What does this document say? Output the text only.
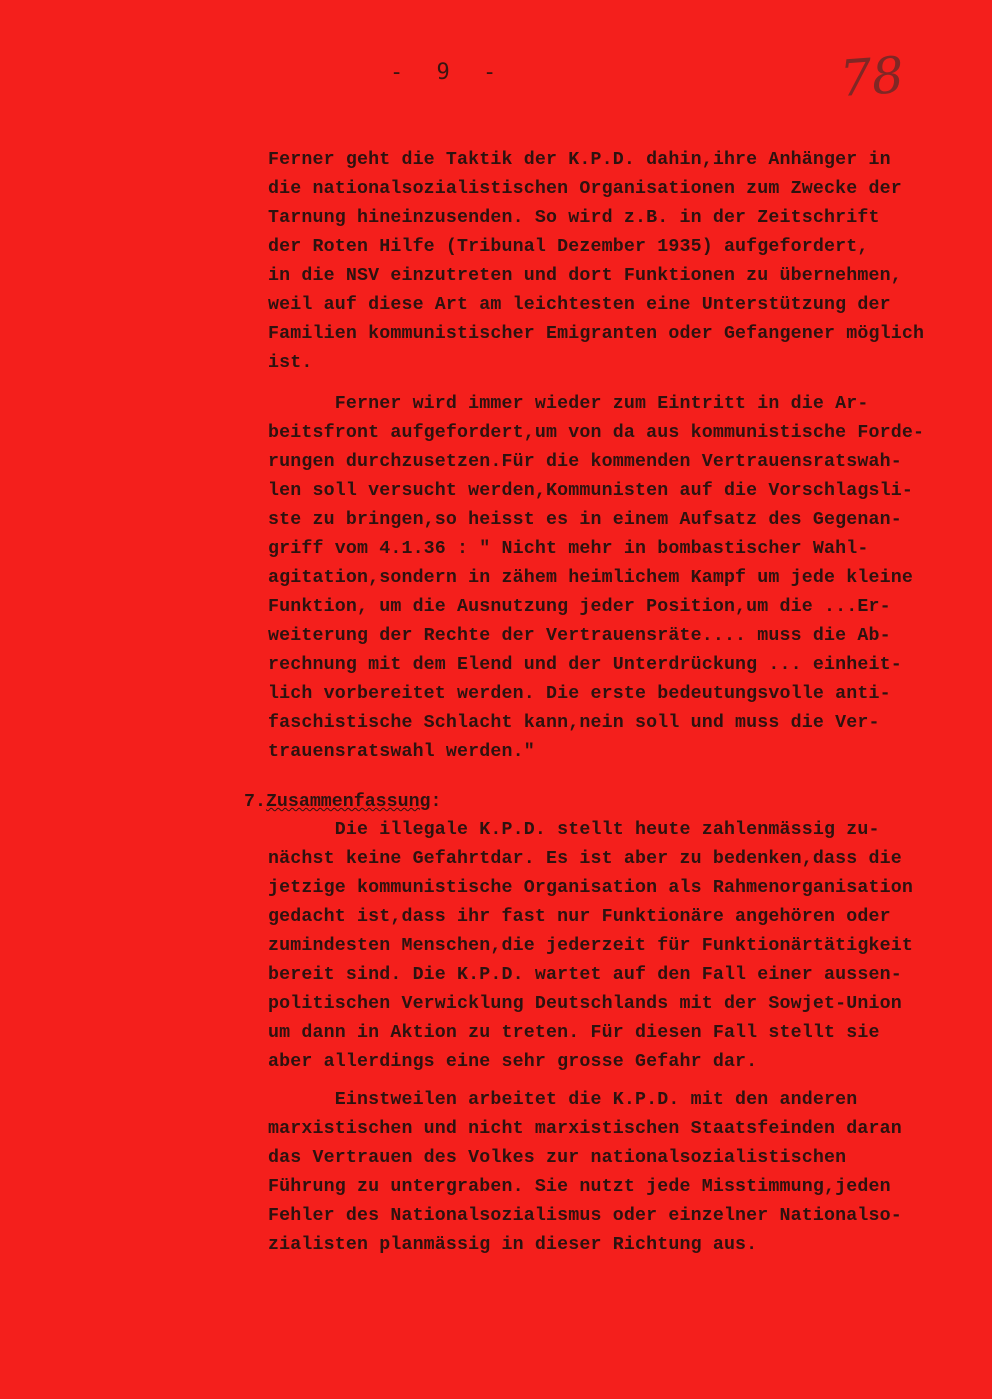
- 9 -	78
Ferner geht die Taktik der K.P.D. dahin,ihre Anhänger in
die nationalsozialistischen Organisationen zum Zwecke der
Tarnung hineinzusenden. So wird z.B. in der Zeitschrift
der Roten Hilfe (Tribunal Dezember 1935) aufgefordert,
in die NSV einzutreten und dort Funktionen zu übernehmen,
weil auf diese Art am leichtesten eine Unterstützung der
Familien kommunistischer Emigranten oder Gefangener möglich
ist.
Ferner wird immer wieder zum Eintritt in die Ar-
beitsfront aufgefordert,um von da aus kommunistische Forde-
rungen durchzusetzen.Für die kommenden Vertrauensratswah-
len soll versucht werden,Kommunisten auf die Vorschlagsli-
ste zu bringen,so heisst es in einem Aufsatz des Gegenan-
griff vom 4.1.36 : " Nicht mehr in bombastischer Wahl-
agitation,sondern in zähem heimlichem Kampf um jede kleine
Funktion, um die Ausnutzung jeder Position,um die ...Er-
weiterung der Rechte der Vertrauensräte.... muss die Ab-
rechnung mit dem Elend und der Unterdrückung ... einheit-
lich vorbereitet werden. Die erste bedeutungsvolle anti-
faschistische Schlacht kann,nein soll und muss die Ver-
trauensratswahl werden."
7.Zusammenfassung:
Die illegale K.P.D. stellt heute zahlenmässig zu-
nächst keine Gefahrtdar. Es ist aber zu bedenken,dass die
jetzige kommunistische Organisation als Rahmenorganisation
gedacht ist,dass ihr fast nur Funktionäre angehören oder
zumindesten Menschen,die jederzeit für Funktionärtätigkeit
bereit sind. Die K.P.D. wartet auf den Fall einer aussen-
politischen Verwicklung Deutschlands mit der Sowjet-Union
um dann in Aktion zu treten. Für diesen Fall stellt sie
aber allerdings eine sehr grosse Gefahr dar.
Einstweilen arbeitet die K.P.D. mit den anderen
marxistischen und nicht marxistischen Staatsfeinden daran
das Vertrauen des Volkes zur nationalsozialistischen
Führung zu untergraben. Sie nutzt jede Misstimmung,jeden
Fehler des Nationalsozialismus oder einzelner Nationalso-
zialisten planmässig in dieser Richtung aus.
